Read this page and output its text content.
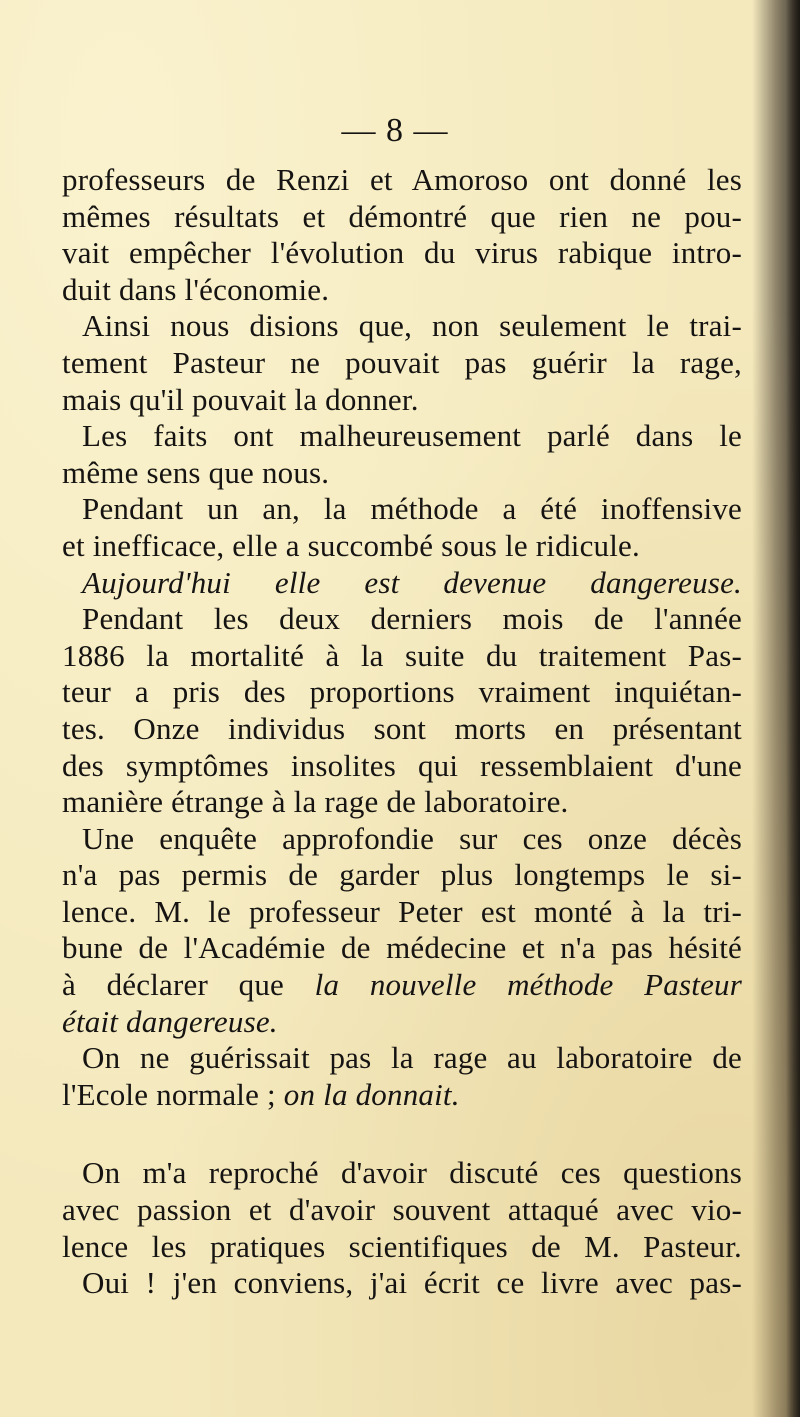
— 8 —
professeurs de Renzi et Amoroso ont donné les
mêmes résultats et démontré que rien ne pou-
vait empêcher l'évolution du virus rabique intro-
duit dans l'économie.
Ainsi nous disions que, non seulement le trai-
tement Pasteur ne pouvait pas guérir la rage,
mais qu'il pouvait la donner.
Les faits ont malheureusement parlé dans le
même sens que nous.
Pendant un an, la méthode a été inoffensive
et inefficace, elle a succombé sous le ridicule.
Aujourd'hui elle est devenue dangereuse.
Pendant les deux derniers mois de l'année
1886 la mortalité à la suite du traitement Pas-
teur a pris des proportions vraiment inquiétan-
tes. Onze individus sont morts en présentant
des symptômes insolites qui ressemblaient d'une
manière étrange à la rage de laboratoire.
Une enquête approfondie sur ces onze décès
n'a pas permis de garder plus longtemps le si-
lence. M. le professeur Peter est monté à la tri-
bune de l'Académie de médecine et n'a pas hésité
à déclarer que la nouvelle méthode Pasteur
était dangereuse.
On ne guérissait pas la rage au laboratoire de
l'Ecole normale ; on la donnait.
On m'a reproché d'avoir discuté ces questions
avec passion et d'avoir souvent attaqué avec vio-
lence les pratiques scientifiques de M. Pasteur.
Oui ! j'en conviens, j'ai écrit ce livre avec pas-
